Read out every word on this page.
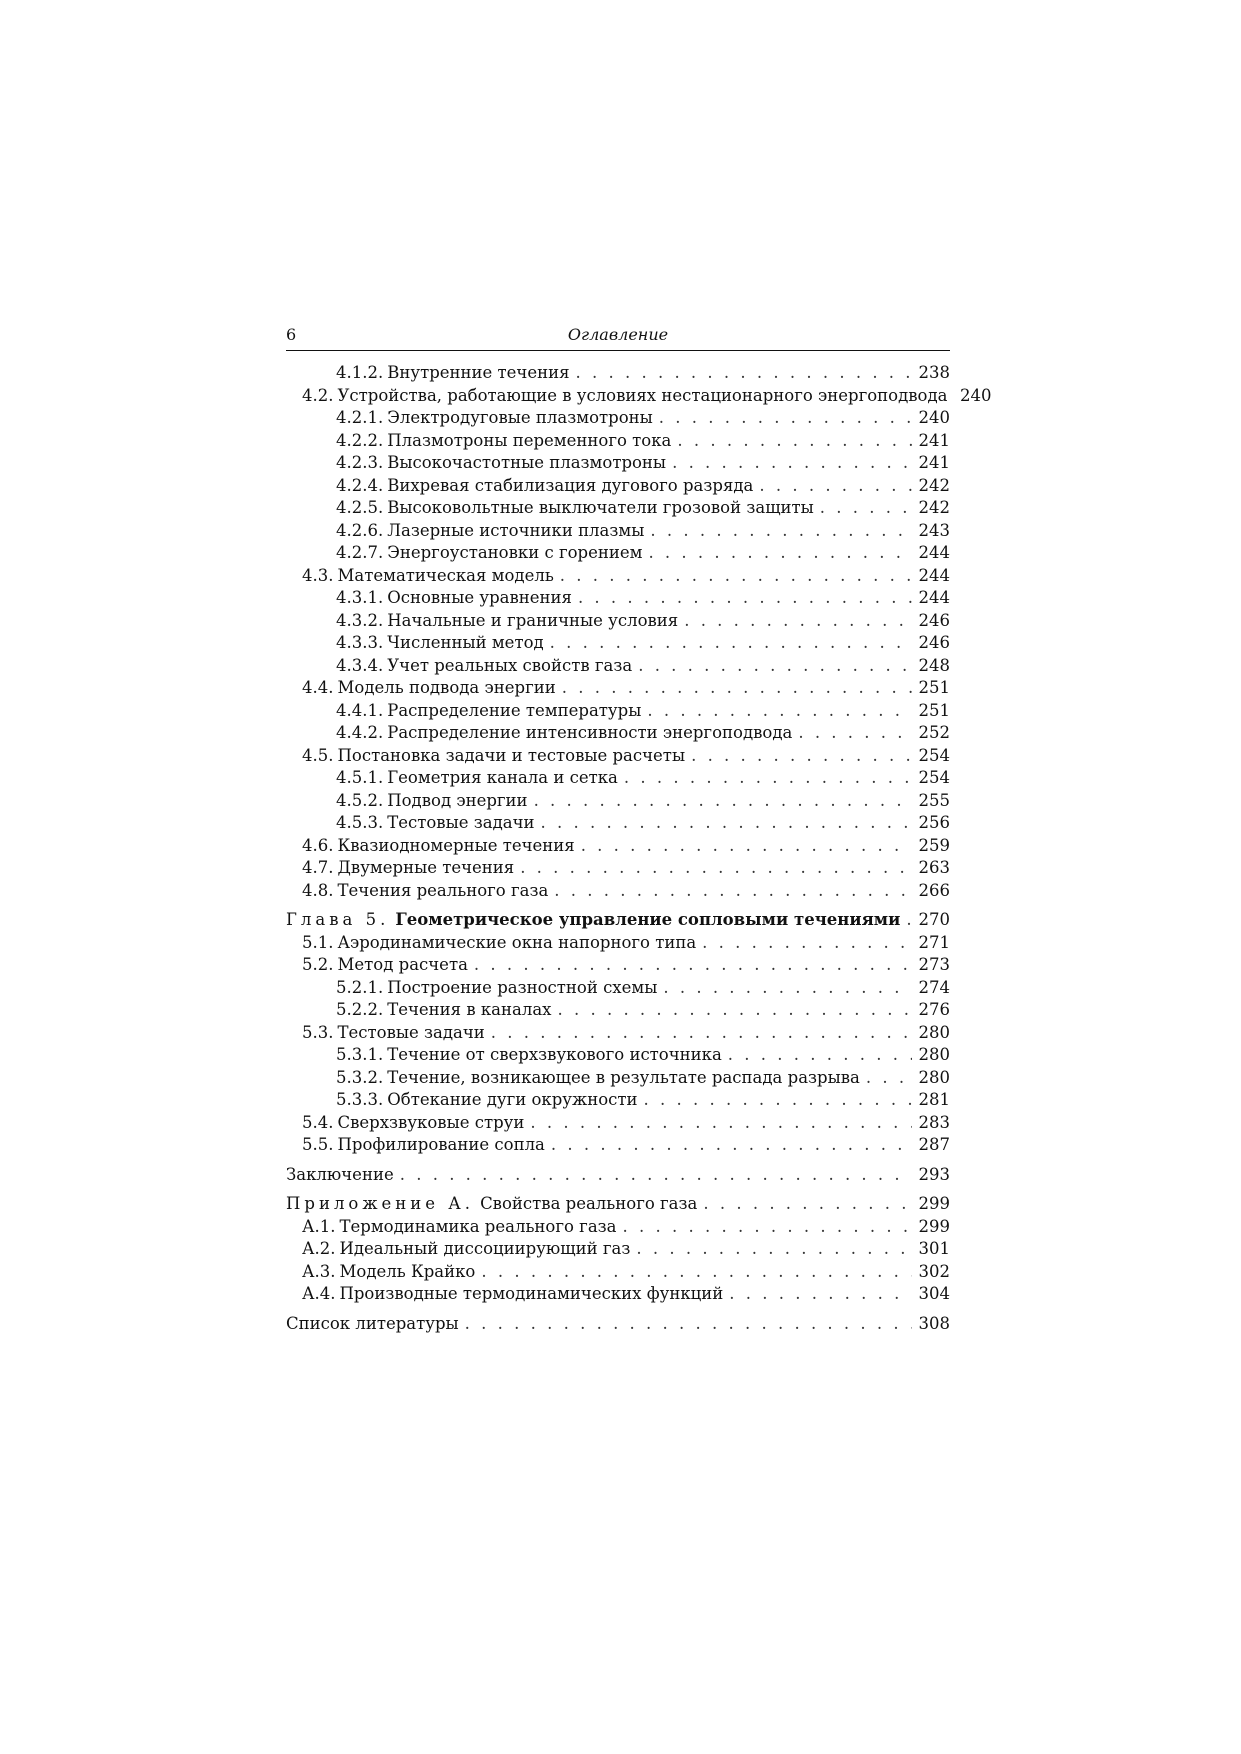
6	Оглавление
4.1.2. Внутренние течения . . .	238
4.2. Устройства, работающие в условиях нестационарного энергоподвода 240
4.2.1. Электродуговые плазмотроны . . .	240
4.2.2. Плазмотроны переменного тока . . .	241
4.2.3. Высокочастотные плазмотроны . . .	241
4.2.4. Вихревая стабилизация дугового разряда . . .	242
4.2.5. Высоковольтные выключатели грозовой защиты . . .	242
4.2.6. Лазерные источники плазмы . . .	243
4.2.7. Энергоустановки с горением . . .	244
4.3. Математическая модель . . .	244
4.3.1. Основные уравнения . . .	244
4.3.2. Начальные и граничные условия . . .	246
4.3.3. Численный метод . . .	246
4.3.4. Учет реальных свойств газа . . .	248
4.4. Модель подвода энергии . . .	251
4.4.1. Распределение температуры . . .	251
4.4.2. Распределение интенсивности энергоподвода . . .	252
4.5. Постановка задачи и тестовые расчеты . . .	254
4.5.1. Геометрия канала и сетка . . .	254
4.5.2. Подвод энергии . . .	255
4.5.3. Тестовые задачи . . .	256
4.6. Квазиодномерные течения . . .	259
4.7. Двумерные течения . . .	263
4.8. Течения реального газа . . .	266
Глава 5. Геометрическое управление сопловыми течениями . . . 270
5.1. Аэродинамические окна напорного типа . . .	271
5.2. Метод расчета . . .	273
5.2.1. Построение разностной схемы . . .	274
5.2.2. Течения в каналах . . .	276
5.3. Тестовые задачи . . .	280
5.3.1. Течение от сверхзвукового источника . . .	280
5.3.2. Течение, возникающее в результате распада разрыва . . .	280
5.3.3. Обтекание дуги окружности . . .	281
5.4. Сверхзвуковые струи . . .	283
5.5. Профилирование сопла . . .	287
Заключение . . .	293
Приложение А. Свойства реального газа . . .	299
А.1. Термодинамика реального газа . . .	299
А.2. Идеальный диссоциирующий газ . . .	301
А.3. Модель Крайко . . .	302
А.4. Производные термодинамических функций . . .	304
Список литературы . . .	308
